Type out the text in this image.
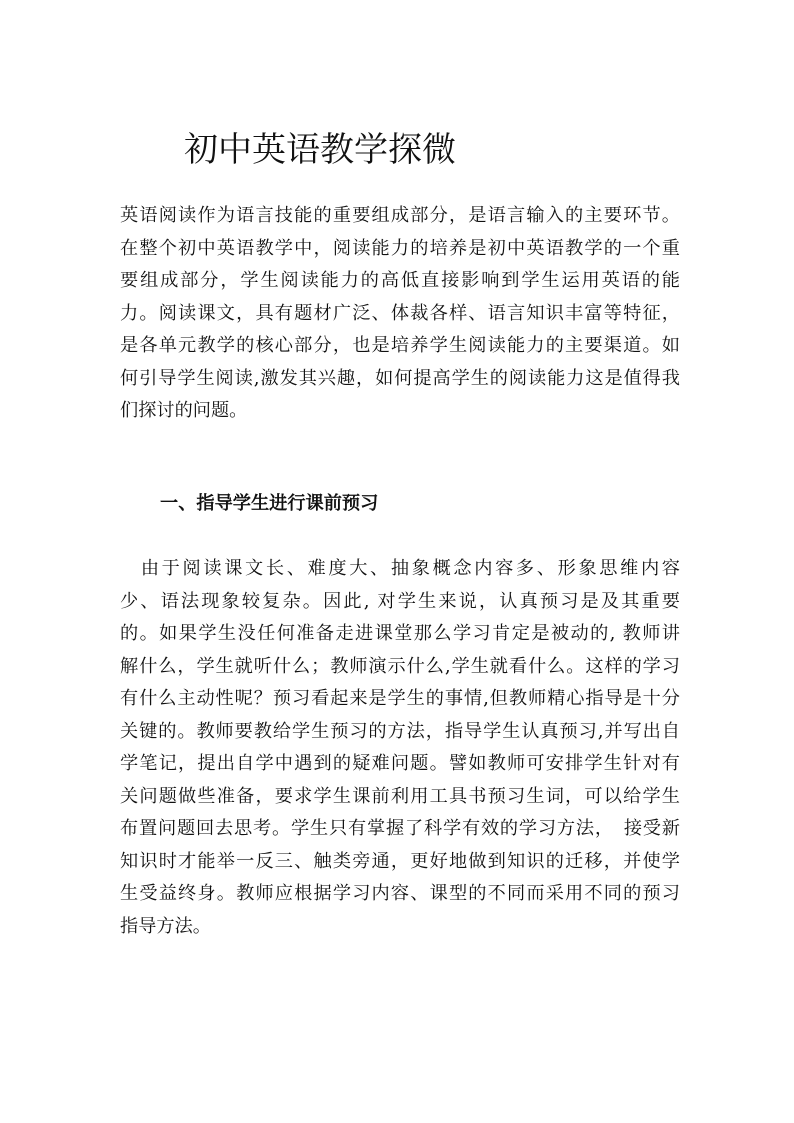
初中英语教学探微
英语阅读作为语言技能的重要组成部分，是语言输入的主要环节。
在整个初中英语教学中，阅读能力的培养是初中英语教学的一个重
要组成部分，学生阅读能力的高低直接影响到学生运用英语的能
力。阅读课文，具有题材广泛、体裁各样、语言知识丰富等特征，
是各单元教学的核心部分，也是培养学生阅读能力的主要渠道。如
何引导学生阅读,激发其兴趣，如何提高学生的阅读能力这是值得我
们探讨的问题。
一、指导学生进行课前预习
　由于阅读课文长、难度大、抽象概念内容多、形象思维内容
少、语法现象较复杂。因此, 对学生来说，认真预习是及其重要
的。如果学生没任何准备走进课堂那么学习肯定是被动的, 教师讲
解什么，学生就听什么；教师演示什么,学生就看什么。这样的学习
有什么主动性呢？预习看起来是学生的事情,但教师精心指导是十分
关键的。教师要教给学生预习的方法，指导学生认真预习,并写出自
学笔记，提出自学中遇到的疑难问题。譬如教师可安排学生针对有
关问题做些准备，要求学生课前利用工具书预习生词，可以给学生
布置问题回去思考。学生只有掌握了科学有效的学习方法，　接受新
知识时才能举一反三、触类旁通，更好地做到知识的迁移，并使学
生受益终身。教师应根据学习内容、课型的不同而采用不同的预习
指导方法。
